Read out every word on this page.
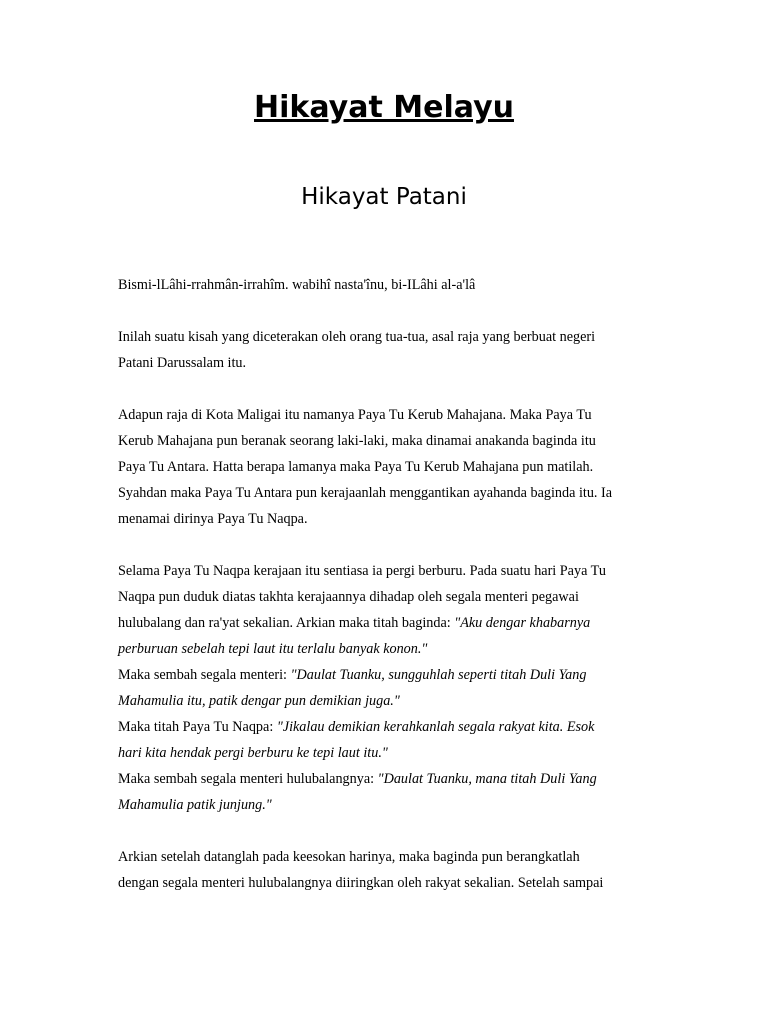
Hikayat Melayu
Hikayat Patani
Bismi-lLâhi-rrahmân-irrahîm. wabihî nasta'înu, bi-ILâhi al-a'lâ
Inilah suatu kisah yang diceterakan oleh orang tua-tua, asal raja yang berbuat negeri
Patani Darussalam itu.
Adapun raja di Kota Maligai itu namanya Paya Tu Kerub Mahajana. Maka Paya Tu
Kerub Mahajana pun beranak seorang laki-laki, maka dinamai anakanda baginda itu
Paya Tu Antara. Hatta berapa lamanya maka Paya Tu Kerub Mahajana pun matilah.
Syahdan maka Paya Tu Antara pun kerajaanlah menggantikan ayahanda baginda itu. Ia
menamai dirinya Paya Tu Naqpa.
Selama Paya Tu Naqpa kerajaan itu sentiasa ia pergi berburu. Pada suatu hari Paya Tu
Naqpa pun duduk diatas takhta kerajaannya dihadap oleh segala menteri pegawai
hulubalang dan ra'yat sekalian. Arkian maka titah baginda: "Aku dengar khabarnya
perburuan sebelah tepi laut itu terlalu banyak konon."
Maka sembah segala menteri: "Daulat Tuanku, sungguhlah seperti titah Duli Yang
Mahamulia itu, patik dengar pun demikian juga."
Maka titah Paya Tu Naqpa: "Jikalau demikian kerahkanlah segala rakyat kita. Esok
hari kita hendak pergi berburu ke tepi laut itu."
Maka sembah segala menteri hulubalangnya: "Daulat Tuanku, mana titah Duli Yang
Mahamulia patik junjung."
Arkian setelah datanglah pada keesokan harinya, maka baginda pun berangkatlah
dengan segala menteri hulubalangnya diiringkan oleh rakyat sekalian. Setelah sampai
